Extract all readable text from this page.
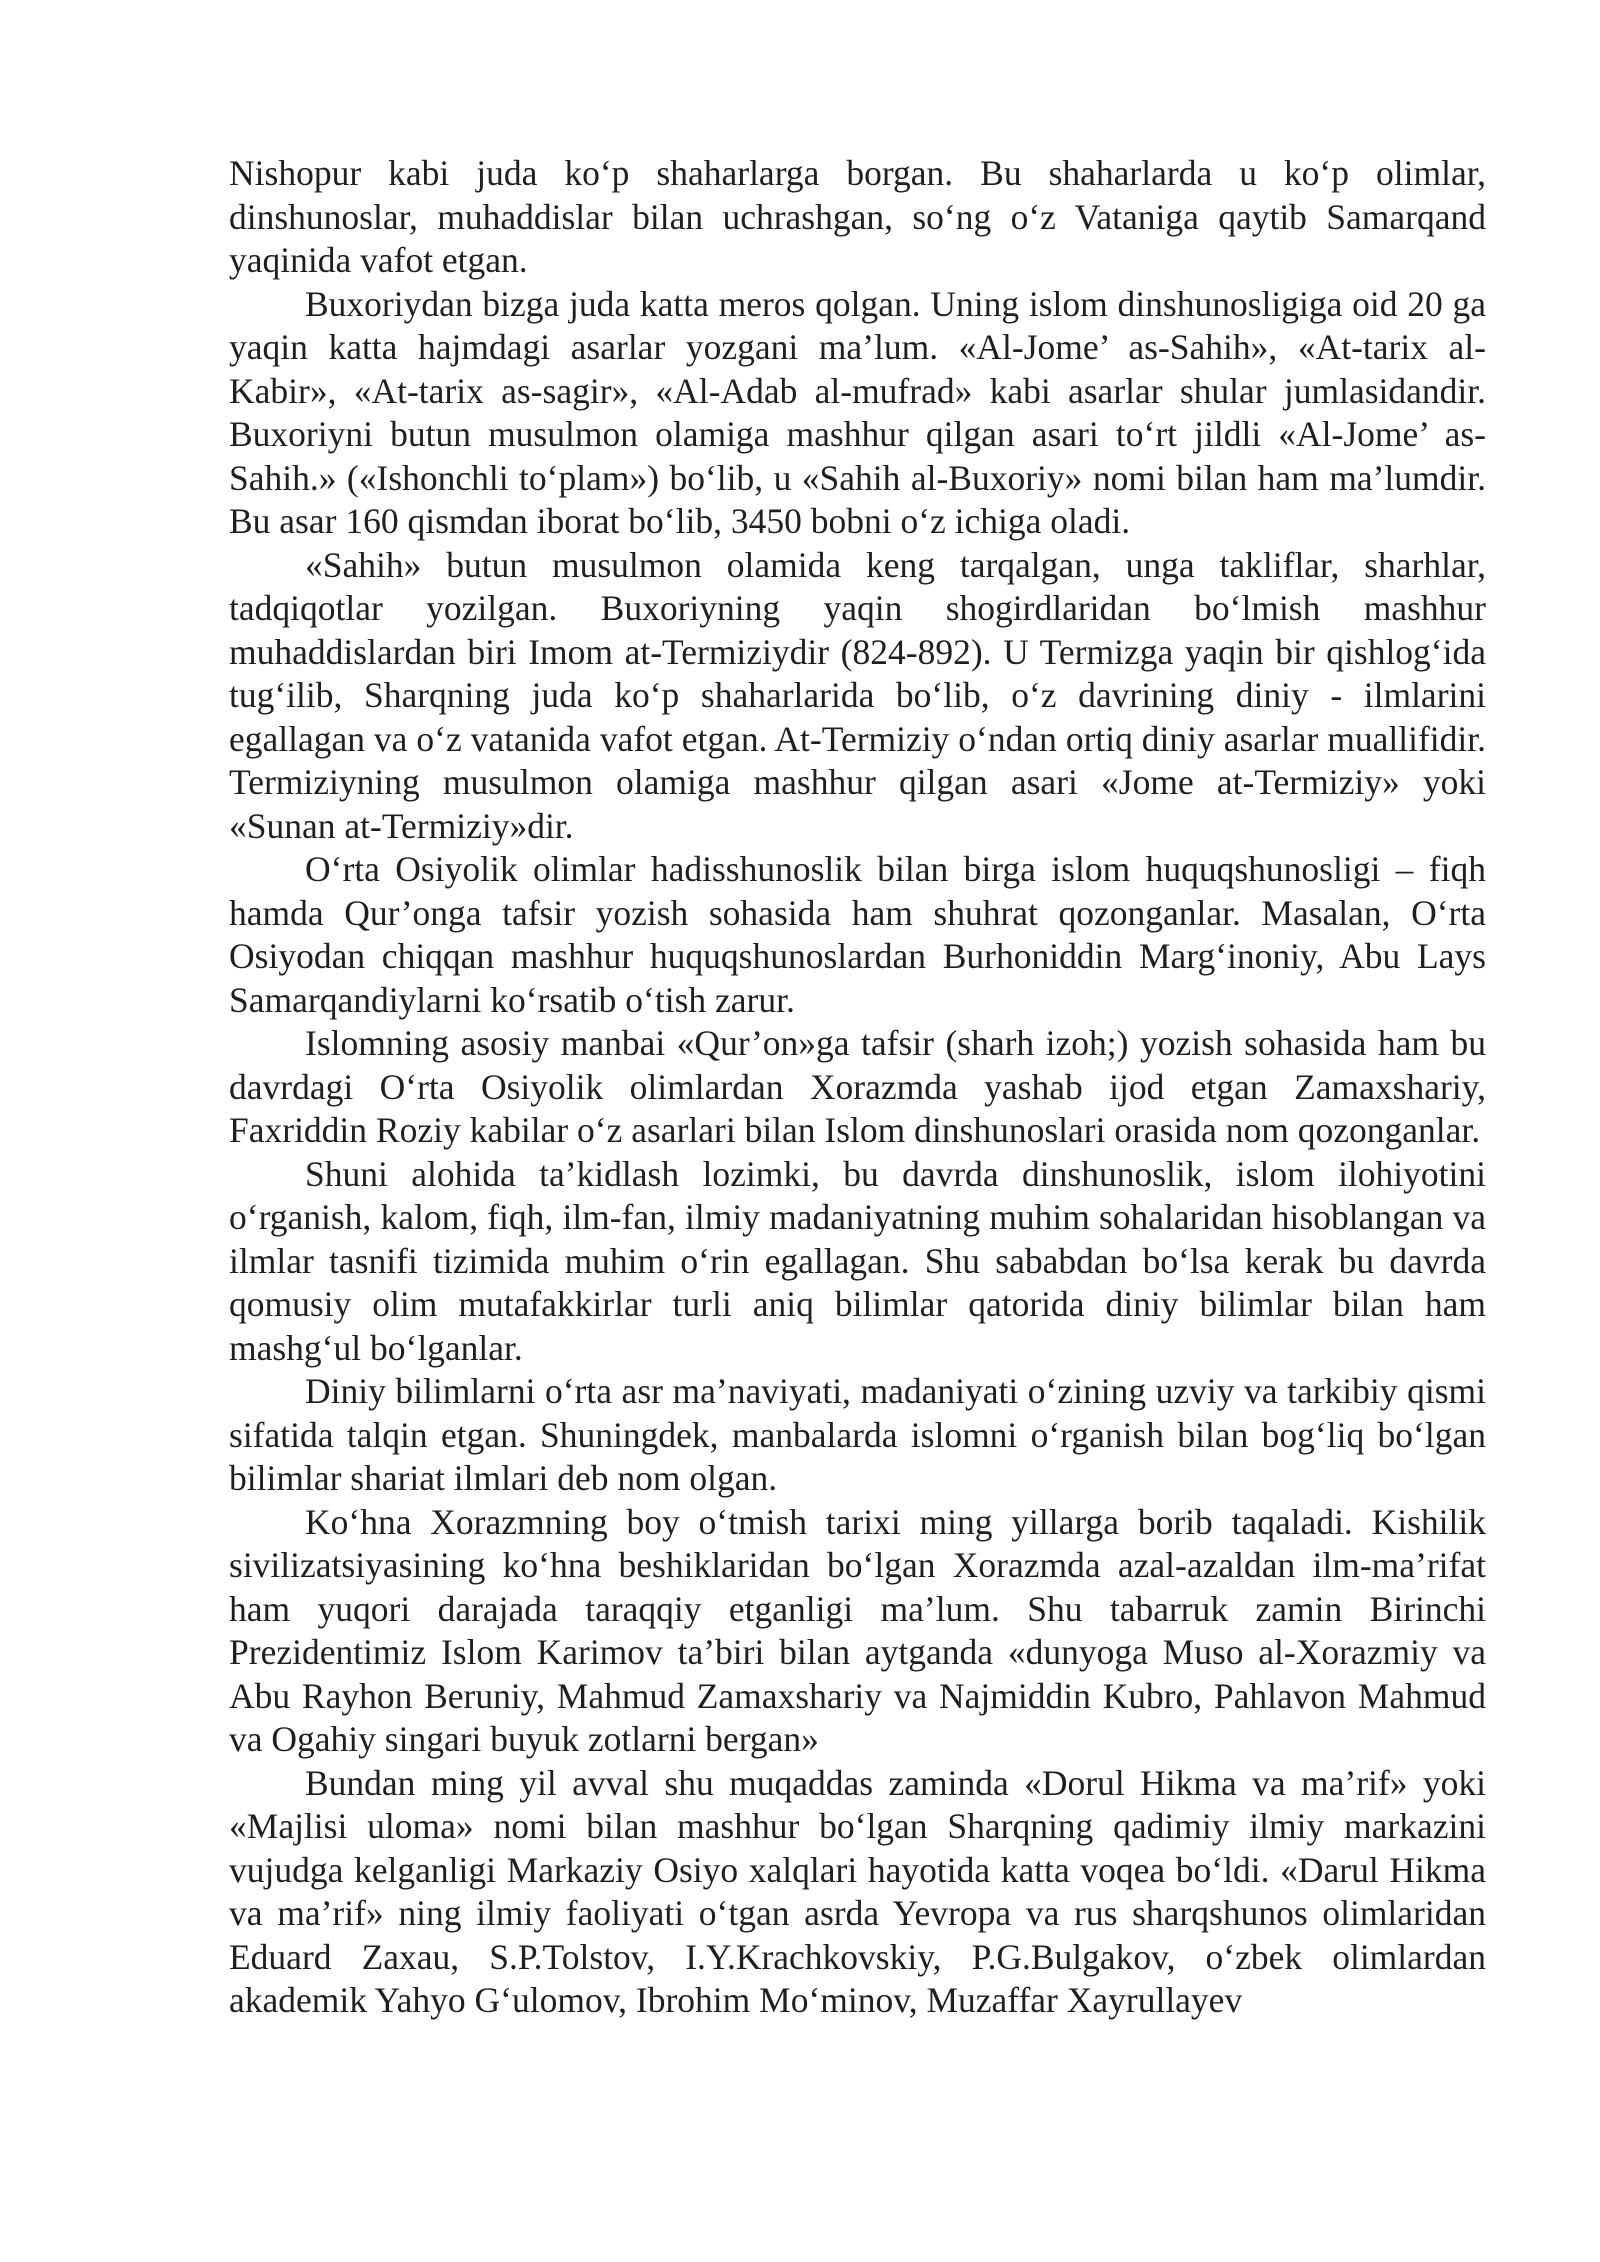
Nishopur kabi juda ko‘p shaharlarga borgan. Bu shaharlarda u ko‘p olimlar, dinshunoslar, muhaddislar bilan uchrashgan, so‘ng o‘z Vataniga qaytib Samarqand yaqinida vafot etgan.

Buxoriydan bizga juda katta meros qolgan. Uning islom dinshunosligiga oid 20 ga yaqin katta hajmdagi asarlar yozgani ma’lum. «Al-Jome’ as-Sahih», «At-tarix al-Kabir», «At-tarix as-sagir», «Al-Adab al-mufrad» kabi asarlar shular jumlasidandir. Buxoriyni butun musulmon olamiga mashhur qilgan asari to‘rt jildli «Al-Jome’ as-Sahih.» («Ishonchli to‘plam») bo‘lib, u «Sahih al-Buxoriy» nomi bilan ham ma’lumdir. Bu asar 160 qismdan iborat bo‘lib, 3450 bobni o‘z ichiga oladi.

«Sahih» butun musulmon olamida keng tarqalgan, unga takliflar, sharhlar, tadqiqotlar yozilgan. Buxoriyning yaqin shogirdlaridan bo‘lmish mashhur muhaddislardan biri Imom at-Termiziydir (824-892). U Termizga yaqin bir qishlog‘ida tug‘ilib, Sharqning juda ko‘p shaharlarida bo‘lib, o‘z davrining diniy - ilmlarini egallagan va o‘z vatanida vafot etgan. At-Termiziy o‘ndan ortiq diniy asarlar muallifidir. Termiziyning musulmon olamiga mashhur qilgan asari «Jome at-Termiziy» yoki «Sunan at-Termiziy»dir.

O‘rta Osiyolik olimlar hadisshunoslik bilan birga islom huquqshunosligi – fiqh hamda Qur’onga tafsir yozish sohasida ham shuhrat qozonganlar. Masalan, O‘rta Osiyodan chiqqan mashhur huquqshunoslardan Burhoniddin Marg‘inoniy, Abu Lays Samarqandiylarni ko‘rsatib o‘tish zarur.

Islomning asosiy manbai «Qur’on»ga tafsir (sharh izoh;) yozish sohasida ham bu davrdagi O‘rta Osiyolik olimlardan Xorazmda yashab ijod etgan Zamaxshariy, Faxriddin Roziy kabilar o‘z asarlari bilan Islom dinshunoslari orasida nom qozonganlar.

Shuni alohida ta’kidlash lozimki, bu davrda dinshunoslik, islom ilohiyotini o‘rganish, kalom, fiqh, ilm-fan, ilmiy madaniyatning muhim sohalaridan hisoblangan va ilmlar tasnifi tizimida muhim o‘rin egallagan. Shu sababdan bo‘lsa kerak bu davrda qomusiy olim mutafakkirlar turli aniq bilimlar qatorida diniy bilimlar bilan ham mashg‘ul bo‘lganlar.

Diniy bilimlarni o‘rta asr ma’naviyati, madaniyati o‘zining uzviy va tarkibiy qismi sifatida talqin etgan. Shuningdek, manbalarda islomni o‘rganish bilan bog‘liq bo‘lgan bilimlar shariat ilmlari deb nom olgan.

Ko‘hna Xorazmning boy o‘tmish tarixi ming yillarga borib taqaladi. Kishilik sivilizatsiyasining ko‘hna beshiklaridan bo‘lgan Xorazmda azal-azaldan ilm-ma’rifat ham yuqori darajada taraqqiy etganligi ma’lum. Shu tabarruk zamin Birinchi Prezidentimiz Islom Karimov ta’biri bilan aytganda «dunyoga Muso al-Xorazmiy va Abu Rayhon Beruniy, Mahmud Zamaxshariy va Najmiddin Kubro, Pahlavon Mahmud va Ogahiy singari buyuk zotlarni bergan»

Bundan ming yil avval shu muqaddas zaminda «Dorul Hikma va ma’rif» yoki «Majlisi uloma» nomi bilan mashhur bo‘lgan Sharqning qadimiy ilmiy markazini vujudga kelganligi Markaziy Osiyo xalqlari hayotida katta voqea bo‘ldi. «Darul Hikma va ma’rif» ning ilmiy faoliyati o‘tgan asrda Yevropa va rus sharqshunos olimlaridan Eduard Zaxau, S.P.Tolstov, I.Y.Krachkovskiy, P.G.Bulgakov, o‘zbek olimlardan akademik Yahyo G‘ulomov, Ibrohim Mo‘minov, Muzaffar Xayrullayev
